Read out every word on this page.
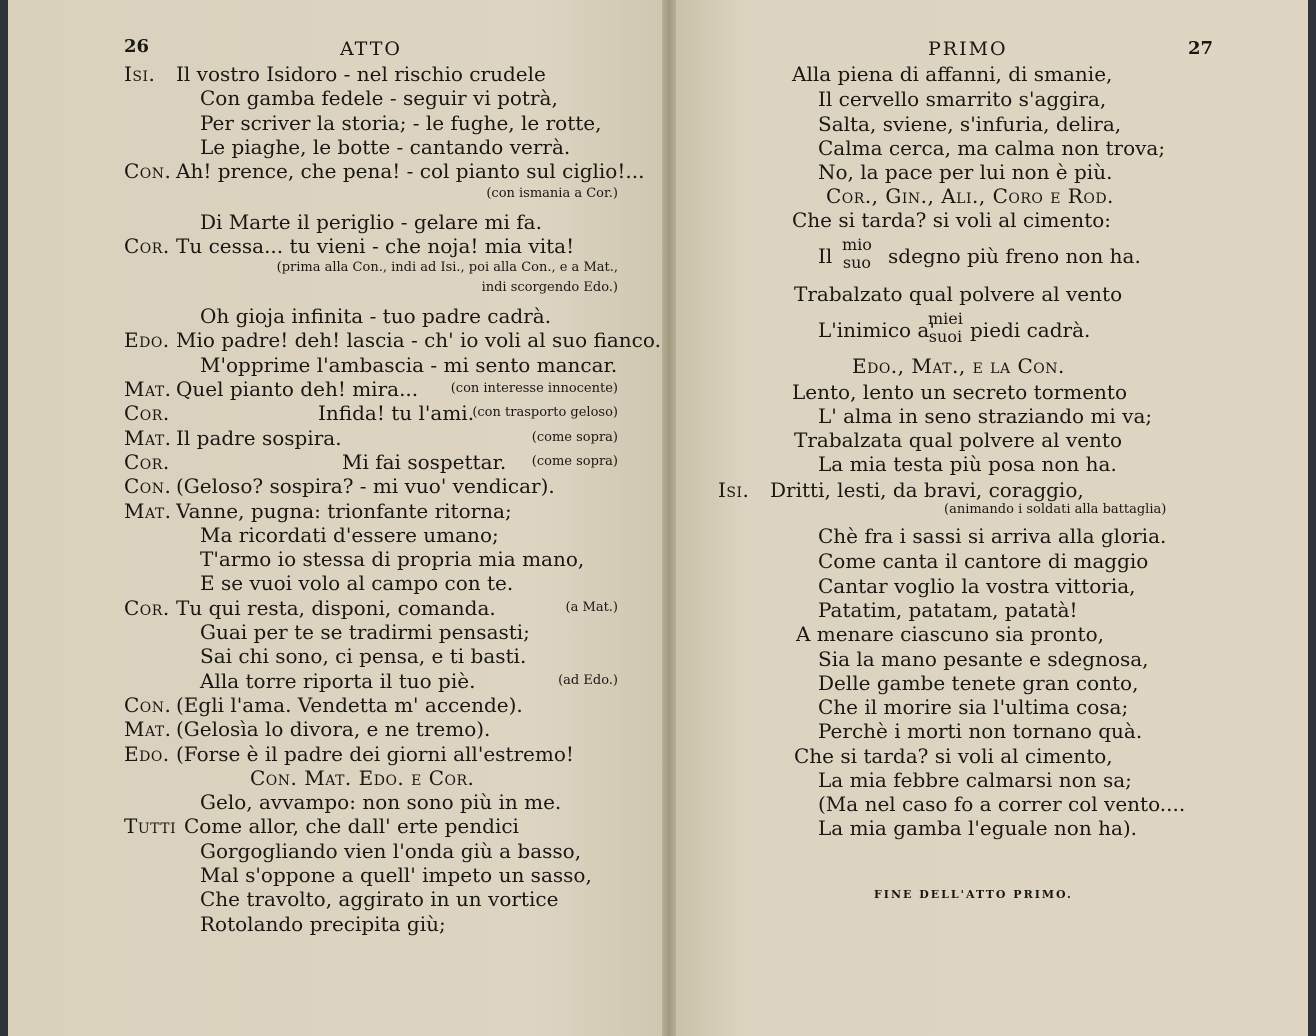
26	ATTO
Isi. Il vostro Isidoro - nel rischio crudele
Con gamba fedele - seguir vi potrà,
Per scriver la storia; - le fughe, le rotte,
Le piaghe, le botte - cantando verrà.
Con. Ah! prence, che pena! - col pianto sul ciglio!...
(con ismania a Cor.)
Di Marte il periglio - gelare mi fa.
Cor. Tu cessa... tu vieni - che noja! mia vita!
(prima alla Con., indi ad Isi., poi alla Con., e a Mat.,
indi scorgendo Edo.)
Oh gioja infinita - tuo padre cadrà.
Edo. Mio padre! deh! lascia - ch' io voli al suo fianco.
M'opprime l'ambascia - mi sento mancar.
Mat. Quel pianto deh! mira...	(con interesse innocente)
Cor.	Infida! tu l'ami.
(con trasporto geloso)
Mat. Il padre sospira.	(come sopra)
Cor.	Mi fai sospettar. (come sopra)
Con. (Geloso? sospira? - mi vuo' vendicar).
Mat. Vanne, pugna: trionfante ritorna;
Ma ricordati d'essere umano;
T'armo io stessa di propria mia mano,
E se vuoi volo al campo con te.
Cor. Tu qui resta, disponi, comanda.	(a Mat.)
Guai per te se tradirmi pensasti;
Sai chi sono, ci pensa, e ti basti.
Alla torre riporta il tuo piè.	(ad Edo.)
Con. (Egli l'ama. Vendetta m' accende).
Mat. (Gelosìa lo divora, e ne tremo).
Edo. (Forse è il padre dei giorni all'estremo!
Con. Mat. Edo. e Cor.
Gelo, avvampo: non sono più in me.
Tutti Come allor, che dall' erte pendici
Gorgogliando vien l'onda giù a basso,
Mal s'oppone a quell' impeto un sasso,
Che travolto, aggirato in un vortice
Rotolando precipita giù;
PRIMO	27
Alla piena di affanni, di smanie,
Il cervello smarrito s'aggira,
Salta, sviene, s'infuria, delira,
Calma cerca, ma calma non trova;
No, la pace per lui non è più.
Cor., Gin., Ali., Coro e Rod.
Che si tarda? si voli al cimento:
Il mio
suo sdegno più freno non ha.
Trabalzato qual polvere al vento
L'inimico a'
miei
suoi piedi cadrà.
Edo., Mat., e la Con.
Lento, lento un secreto tormento
L' alma in seno straziando mi va;
Trabalzata qual polvere al vento
La mia testa più posa non ha.
Isi. Dritti, lesti, da bravi, coraggio,
(animando i soldati alla battaglia)
Chè fra i sassi si arriva alla gloria.
Come canta il cantore di maggio
Cantar voglio la vostra vittoria,
Patatim, patatam, patatà!
A menare ciascuno sia pronto,
Sia la mano pesante e sdegnosa,
Delle gambe tenete gran conto,
Che il morire sia l'ultima cosa;
Perchè i morti non tornano quà.
Che si tarda? si voli al cimento,
La mia febbre calmarsi non sa;
(Ma nel caso fo a correr col vento....
La mia gamba l'eguale non ha).
FINE DELL'ATTO PRIMO.
